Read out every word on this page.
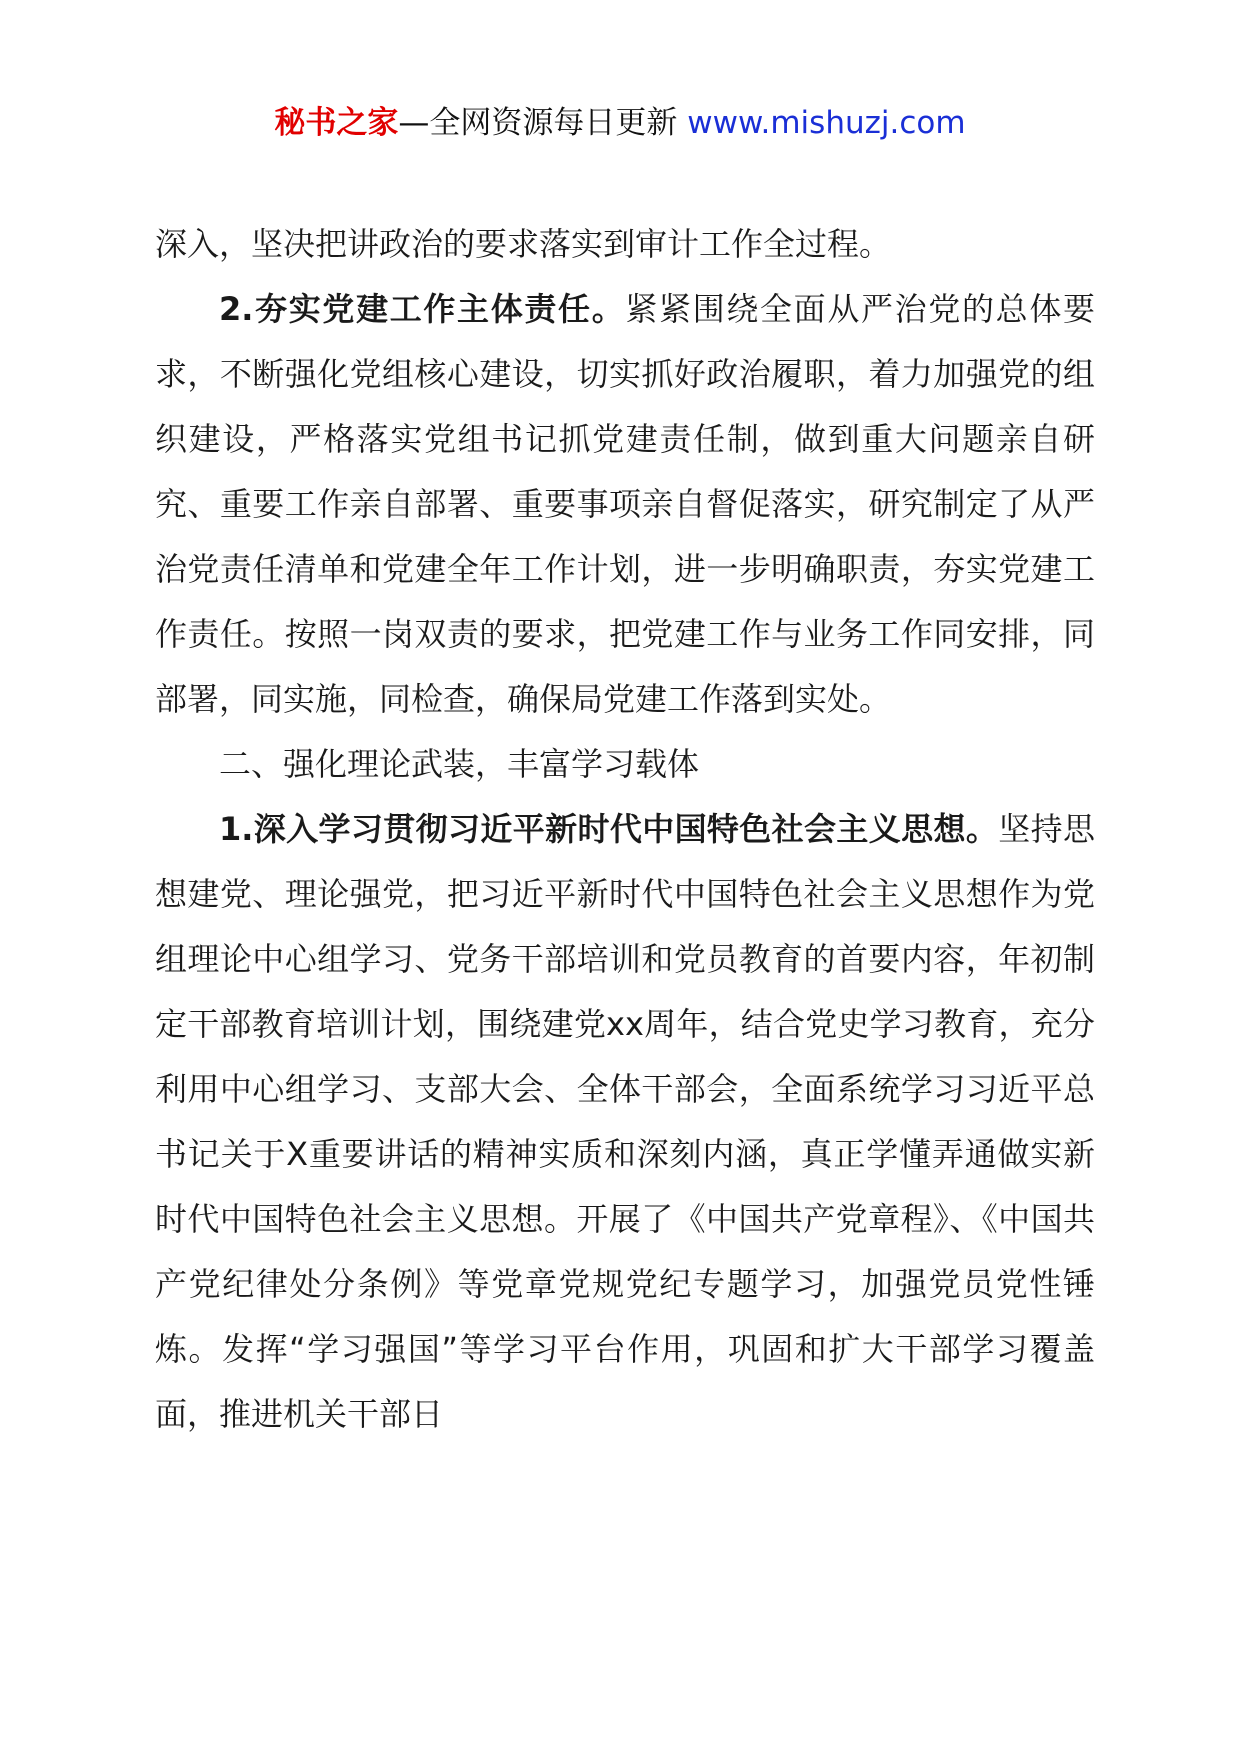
秘书之家—全网资源每日更新 www.mishuzj.com

深入，坚决把讲政治的要求落实到审计工作全过程。

2.夯实党建工作主体责任。紧紧围绕全面从严治党的总体要求，不断强化党组核心建设，切实抓好政治履职，着力加强党的组织建设，严格落实党组书记抓党建责任制，做到重大问题亲自研究、重要工作亲自部署、重要事项亲自督促落实，研究制定了从严治党责任清单和党建全年工作计划，进一步明确职责，夯实党建工作责任。按照一岗双责的要求，把党建工作与业务工作同安排，同部署，同实施，同检查，确保局党建工作落到实处。

二、强化理论武装，丰富学习载体

1.深入学习贯彻习近平新时代中国特色社会主义思想。坚持思想建党、理论强党，把习近平新时代中国特色社会主义思想作为党组理论中心组学习、党务干部培训和党员教育的首要内容，年初制定干部教育培训计划，围绕建党xx周年，结合党史学习教育，充分利用中心组学习、支部大会、全体干部会，全面系统学习习近平总书记关于X重要讲话的精神实质和深刻内涵，真正学懂弄通做实新时代中国特色社会主义思想。开展了《中国共产党章程》、《中国共产党纪律处分条例》等党章党规党纪专题学习，加强党员党性锤炼。发挥“学习强国”等学习平台作用，巩固和扩大干部学习覆盖面，推进机关干部日
